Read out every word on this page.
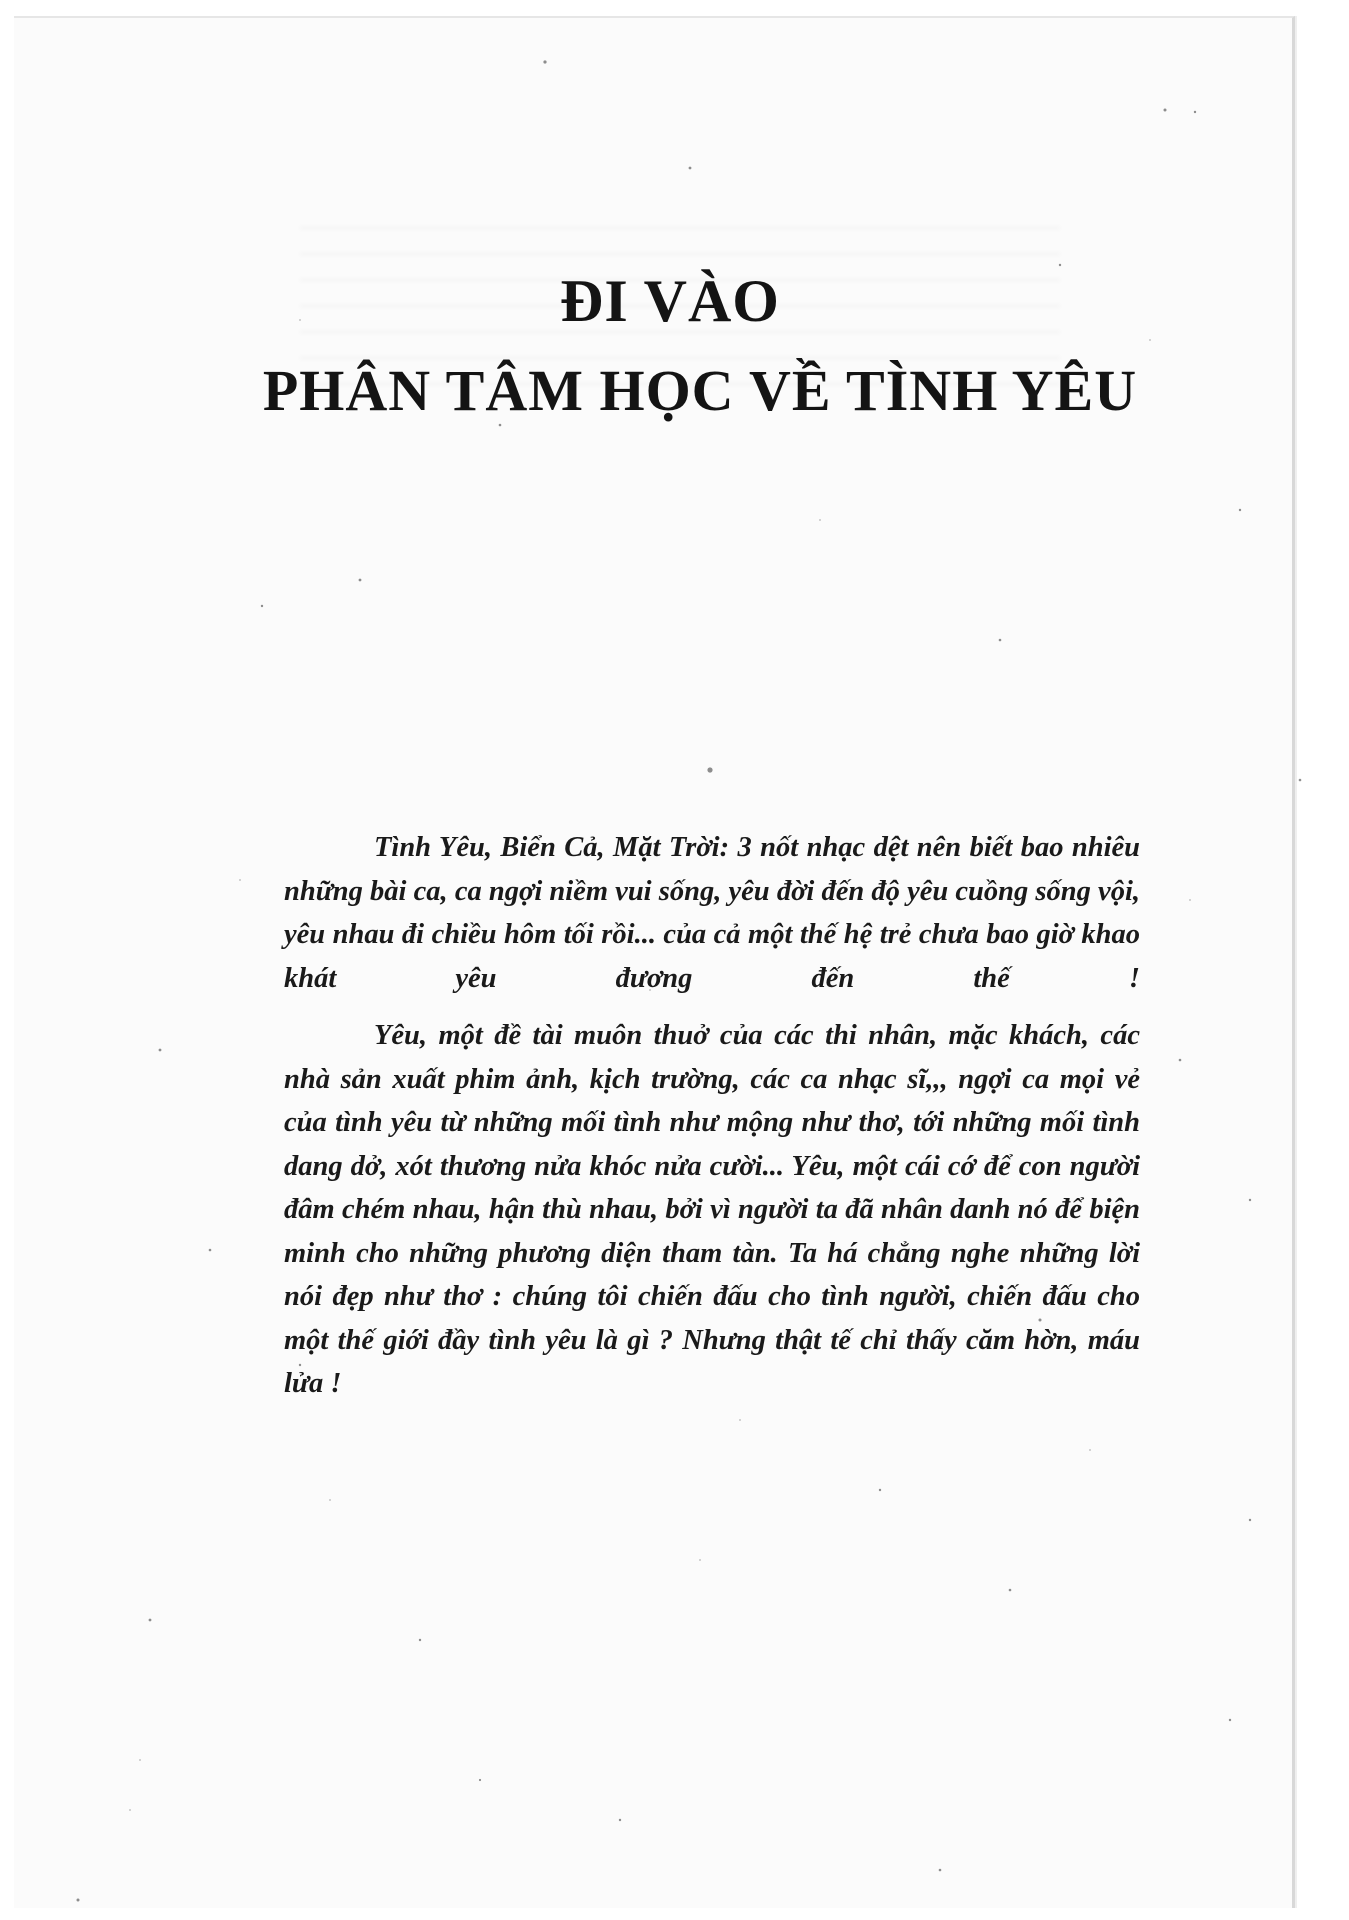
ĐI VÀO
PHÂN TÂM HỌC VỀ TÌNH YÊU

Tình Yêu, Biển Cả, Mặt Trời: 3 nốt nhạc dệt nên biết bao nhiêu những bài ca, ca ngợi niềm vui sống, yêu đời đến độ yêu cuồng sống vội, yêu nhau đi chiều hôm tối rồi... của cả một thế hệ trẻ chưa bao giờ khao khát yêu đương đến thế !

Yêu, một đề tài muôn thuở của các thi nhân, mặc khách, các nhà sản xuất phim ảnh, kịch trường, các ca nhạc sĩ,,, ngợi ca mọi vẻ của tình yêu từ những mối tình như mộng như thơ, tới những mối tình dang dở, xót thương nửa khóc nửa cười... Yêu, một cái cớ để con người đâm chém nhau, hận thù nhau, bởi vì người ta đã nhân danh nó để biện minh cho những phương diện tham tàn. Ta há chẳng nghe những lời nói đẹp như thơ : chúng tôi chiến đấu cho tình người, chiến đấu cho một thế giới đầy tình yêu là gì ? Nhưng thật tế chỉ thấy căm hờn, máu lửa !
